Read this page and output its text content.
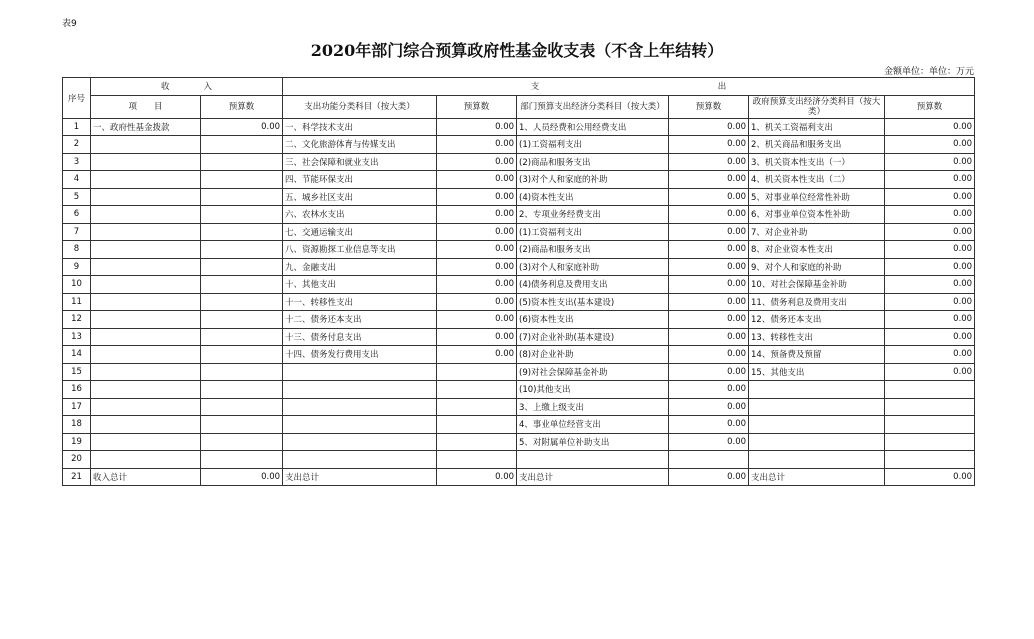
表9
2020年部门综合预算政府性基金收支表（不含上年结转）
金额单位：单位：万元
序号	收　　　　入		支　　　　　　　　　　　　　　　　　　　　　出					
	项　　目	预算数	支出功能分类科目（按大类）	预算数	部门预算支出经济分类科目（按大类）	预算数	政府预算支出经济分类科目（按大类）	预算数
1	一、政府性基金拨款	0.00	一、科学技术支出	0.00	1、人员经费和公用经费支出	0.00	1、机关工资福利支出	0.00
2			二、文化旅游体育与传媒支出	0.00	(1)工资福利支出	0.00	2、机关商品和服务支出	0.00
3			三、社会保障和就业支出	0.00	(2)商品和服务支出	0.00	3、机关资本性支出（一）	0.00
4			四、节能环保支出	0.00	(3)对个人和家庭的补助	0.00	4、机关资本性支出（二）	0.00
5			五、城乡社区支出	0.00	(4)资本性支出	0.00	5、对事业单位经常性补助	0.00
6			六、农林水支出	0.00	2、专项业务经费支出	0.00	6、对事业单位资本性补助	0.00
7			七、交通运输支出	0.00	(1)工资福利支出	0.00	7、对企业补助	0.00
8			八、资源勘探工业信息等支出	0.00	(2)商品和服务支出	0.00	8、对企业资本性支出	0.00
9			九、金融支出	0.00	(3)对个人和家庭补助	0.00	9、对个人和家庭的补助	0.00
10			十、其他支出	0.00	(4)债务利息及费用支出	0.00	10、对社会保障基金补助	0.00
11			十一、转移性支出	0.00	(5)资本性支出(基本建设)	0.00	11、债务利息及费用支出	0.00
12			十二、债务还本支出	0.00	(6)资本性支出	0.00	12、债务还本支出	0.00
13			十三、债务付息支出	0.00	(7)对企业补助(基本建设)	0.00	13、转移性支出	0.00
14			十四、债务发行费用支出	0.00	(8)对企业补助	0.00	14、预备费及预留	0.00
15					(9)对社会保障基金补助	0.00	15、其他支出	0.00
16					(10)其他支出	0.00		
17					3、上缴上级支出	0.00		
18					4、事业单位经营支出	0.00		
19					5、对附属单位补助支出	0.00		
20								
21	收入总计	0.00	支出总计	0.00	支出总计	0.00	支出总计	0.00
